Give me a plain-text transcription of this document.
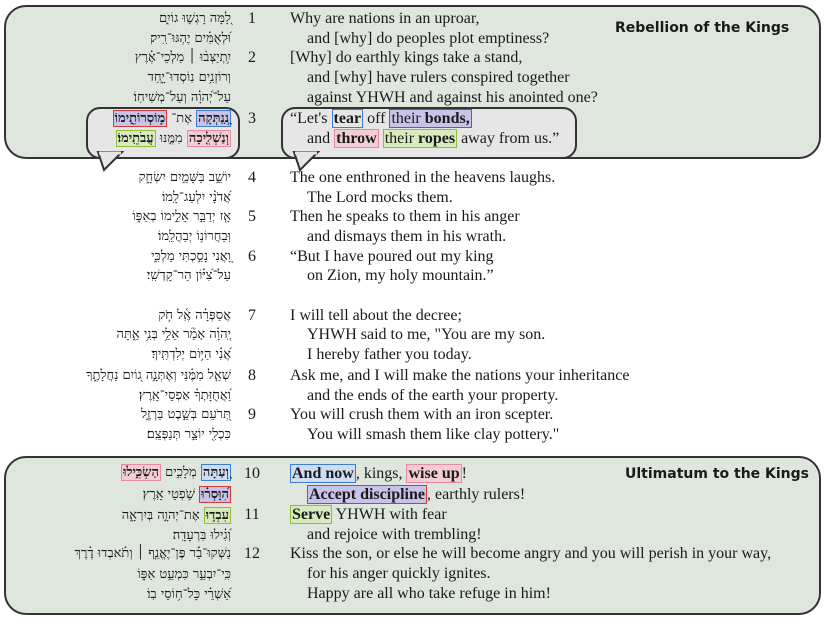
Rebellion of the Kings
Ultimatum to the Kings
לָ֭מָּה רָגְשׁ֣וּ גוֹיִ֑ם
וּ֝לְאֻמִּ֗ים יֶהְגּוּ־רִֽיק׃
יִ֥תְיַצְּב֨וּ ׀ מַלְכֵי־אֶ֗רֶץ
וְרוֹזְנִ֥ים נֽוֹסְדוּ־יָ֑חַד
עַל־יְ֝הוָ֗ה וְעַל־מְשִׁיחֽוֹ׃
נְֽ֭נַתְּקָה אֶת־ מ֣וֹסְרוֹתֵ֑ימוֹ
וְנַשְׁלִ֖יכָה מִמֶּ֣נּוּ עֲבֹתֵֽימוֹ׃
יוֹשֵׁ֣ב בַּשָּׁמַ֣יִם יִשְׂחָ֑ק
אֲ֝דֹנָ֗י יִלְעַג־לָֽמוֹ׃
אָ֤ז יְדַבֵּ֣ר אֵלֵ֣ימוֹ בְאַפּ֑וֹ
וּֽבַחֲרוֹנ֥וֹ יְבַהֲלֵֽמוֹ׃
וַ֭אֲנִי נָסַ֣כְתִּי מַלְכִּ֑י
עַל־צִ֝יּ֗וֹן הַר־קָדְשִֽׁי׃
אֲסַפְּרָ֗ה אֶֽ֫ל חֹ֥ק
יְֽהוָ֗ה אָמַ֘ר אֵלַ֥י בְּנִ֥י אַ֑תָּה
אֲ֝נִ֗י הַיּ֥וֹם יְלִדְתִּֽיךָ׃
שְׁאַ֤ל מִמֶּ֗נִּי וְאֶתְּנָ֣ה ג֭וֹיִם נַחֲלָתֶ֑ךָ
וַ֝אֲחֻזָּתְךָ֗ אַפְסֵי־אָֽרֶץ׃
תְּ֭רֹעֵם בְּשֵׁ֣בֶט בַּרְזֶ֑ל
כִּכְלִ֖י יוֹצֵ֣ר תְּנַפְּצֵֽם׃
וְ֭עַתָּה מְלָכִ֣ים הַשְׂכִּ֑ילוּ
הִ֝וָּסְר֗וּ שֹׁ֣פְטֵי אָֽרֶץ׃
עִבְד֣וּ אֶת־יְהוָ֣ה בְּיִרְאָ֑ה
וְ֝גִ֗ילוּ בִּרְעָדָֽה׃
נַשְּׁקוּ־בַ֡ר פֶּן־יֶאֱנַ֤ף ׀ וְתֹ֬אבְדוּ דֶ֗רֶךְ
כִּֽי־יִבְעַ֣ר כִּמְעַ֣ט אַפּ֑וֹ
אַ֝שְׁרֵ֗י כָּל־ח֥וֹסֵי בֽוֹ׃
1
2
3
4
5
6
7
8
9
10
11
12
Why are nations in an uproar,
and [why] do peoples plot emptiness?
[Why] do earthly kings take a stand,
and [why] have rulers conspired together
against YHWH and against his anointed one?
“Let's tear off their bonds,
and throw their ropes away from us.”
The one enthroned in the heavens laughs.
The Lord mocks them.
Then he speaks to them in his anger
and dismays them in his wrath.
“But I have poured out my king
on Zion, my holy mountain.”
I will tell about the decree;
YHWH said to me, "You are my son.
I hereby father you today.
Ask me, and I will make the nations your inheritance
and the ends of the earth your property.
You will crush them with an iron scepter.
You will smash them like clay pottery."
And now , kings, wise up !
Accept discipline , earthly rulers!
Serve YHWH with fear
and rejoice with trembling!
Kiss the son, or else he will become angry and you will perish in your way,
for his anger quickly ignites.
Happy are all who take refuge in him!
